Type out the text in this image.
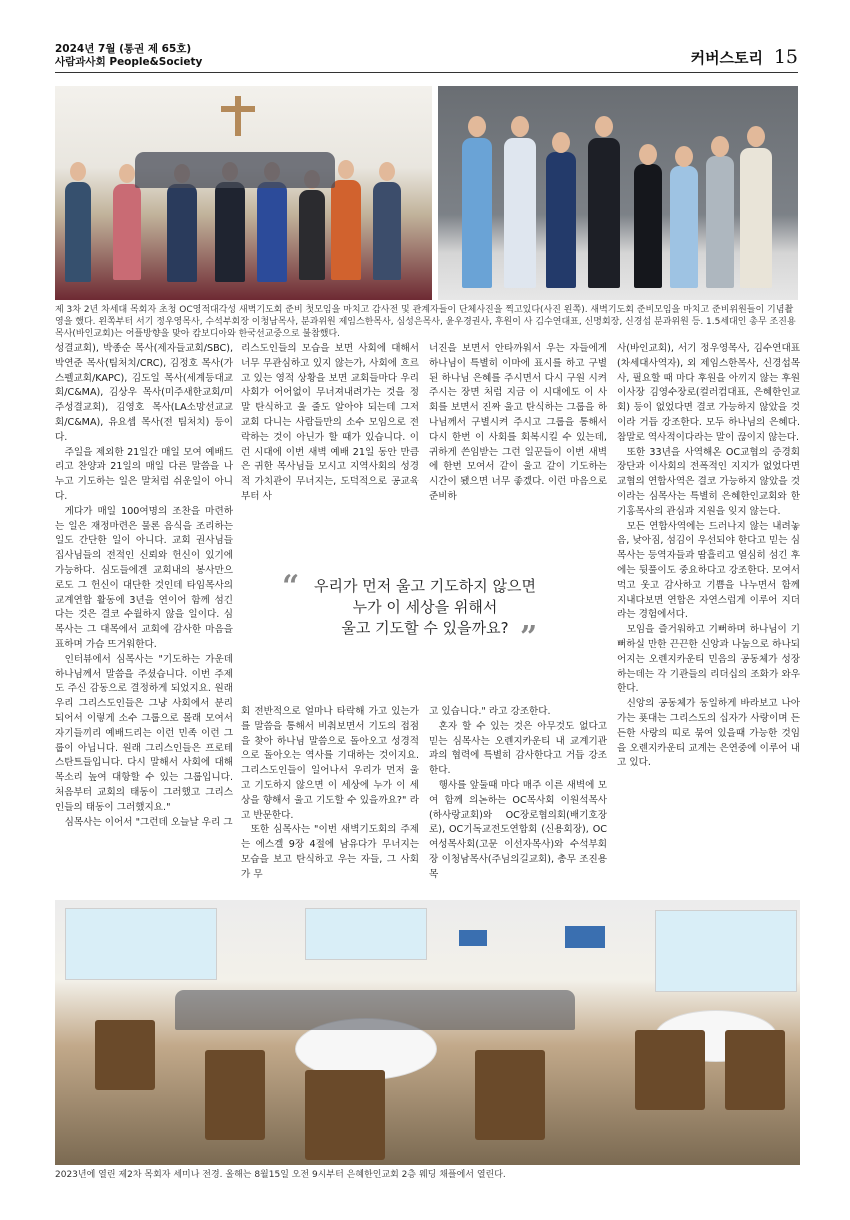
2024년 7월 (통권 제 65호)
사람과사회 People&Society	커버스토리 15
제 3차 2년 차세대 목회자 초청 OC영적대각성 새벽기도회 준비 첫모임을 마치고 감사전 및 관계자들이 단체사진을 찍고있다(사진 왼쪽). 새벽기도회 준비모임을 마치고 준비위원들이 기념촬영을 했다. 왼쪽부터 서기 정우영목사, 수석부회장 이청남목사, 분과위원 제임스한목사, 심성은목사, 윤우경권사, 후원이 사 김수연대표, 신명회장, 신경섭 분과위원 등. 1.5세대인 총무 조진용목사(바인교회)는 어플방향을 맞아 캄보디아와 한국선교중으로 불참했다.

성결교회), 박종순 목사(제자들교회/SBC), 박연준 목사(팀처치/CRC), 김정호 목사(가스펠교회/KAPC), 김도일 목사(세계등대교회/C&MA), 김상우 목사(미주새한교회/미주성결교회), 김영호 목사(LA소망선교교회/C&MA), 유요셉 목사(전 팀처치) 등이다.

주일을 제외한 21일간 매일 모여 예배드리고 찬양과 21일의 매일 다른 말씀을 나누고 기도하는 일은 말처럼 쉬운일이 아니다.

게다가 매일 100여명의 조찬을 마련하는 일은 재정마련은 물론 음식을 조리하는 일도 간단한 일이 아니다. 교회 권사님들 집사님들의 전적인 신뢰와 헌신이 있기에 가능하다. 심도들에겐 교회내의 봉사만으로도 그 헌신이 대단한 것인데 타임목사의 교계연합 활동에 3년을 연이어 함께 섬긴다는 것은 결코 수월하지 않을 일이다. 심목사는 그 대목에서 교회에 감사한 마음을 표하며 가슴 뜨거워한다.

인터뷰에서 심목사는 "기도하는 가운데 하나님께서 말씀을 주셨습니다. 이번 주제도 주신 감동으로 결정하게 되었지요. 원래 우리 그리스도인들은 그냥 사회에서 분리되어서 이렇게 소수 그룹으로 몰래 모여서 자기들끼리 예배드리는 이런 민족 이런 그룹이 아닙니다. 원래 그리스인들은 프로테스탄트들입니다. 다시 말해서 사회에 대해 목소리 높여 대항할 수 있는 그룹입니다. 처음부터 교회의 태동이 그러했고 그리스인들의 태동이 그러했지요."

심목사는 이어서 "그런데 오늘날 우리 그

리스도인들의 모습을 보면 사회에 대해서 너무 무관심하고 있지 않는가, 사회에 흐르고 있는 영적 상황을 보면 교회들마다 우리 사회가 어어없이 무너져내려가는 것을 정말 탄식하고 울 줄도 알아야 되는데 그저 교회 다니는 사람들만의 소수 모임으로 전락하는 것이 아닌가 할 때가 있습니다. 이런 시대에 이번 새벽 예배 21일 동안 만큼은 귀한 목사님들 모시고 지역사회의 성경적 가치관이 무너지는, 도덕적으로 공교육부터 사

너진을 보면서 안타까워서 우는 자들에게 하나님이 특별히 이마에 표시를 하고 구별된 하나님 은혜를 주시면서 다시 구원 시켜 주시는 장면 처럼 지금 이 시대에도 이 사회를 보면서 진짜 울고 탄식하는 그룹을 하나님께서 구별시켜 주시고 그룹을 통해서 다시 한번 이 사회를 회복시킬 수 있는데, 귀하게 쓴임받는 그런 일꾼들이 이번 새벽에 한번 모여서 같이 울고 같이 기도하는 시간이 됐으면 너무 좋겠다. 이런 마음으로 준비하

“ 우리가 먼저 울고 기도하지 않으면
누가 이 세상을 위해서
울고 기도할 수 있을까요? ”

회 전반적으로 얼마나 타락해 가고 있는가를 말씀을 통해서 비춰보면서 기도의 접점을 찾아 하나님 말씀으로 돌아오고 성경적으로 돌아오는 역사를 기대하는 것이지요. 그리스도인들이 일어나서 우리가 먼저 울고 기도하지 않으면 이 세상에 누가 이 세상을 향해서 울고 기도할 수 있을까요?" 라고 반문한다.

또한 심목사는 "이번 새벽기도회의 주제는 에스겔 9장 4절에 남유다가 무너지는 모습을 보고 탄식하고 우는 자들, 그 사회가 무

고 있습니다." 라고 강조한다.

혼자 할 수 있는 것은 아무것도 없다고 믿는 심목사는 오렌지카운티 내 교계기관과의 협력에 특별히 감사한다고 거듭 강조한다.

행사를 앞둘때 마다 매주 이른 새벽에 모여 함께 의논하는 OC목사회 이원석목사(하사랑교회)와 OC장로협의회(배기호장로), OC기독교전도연합회 (신용회장), OC여성목사회(고문 이선자목사)와 수석부회장 이청남목사(주님의길교회), 총무 조진용목

사(바인교회), 서기 정우영목사, 김수연대표 (차세대사역자), 외 제임스한목사, 신경섭목사, 필요할 때 마다 후원을 아끼지 않는 후원이사장 김영수장로(컬러컴대표, 은혜한인교회) 등이 없었다면 결코 가능하지 않았을 것이라 거듭 강조한다. 모두 하나님의 은혜다. 참말로 역사적이다라는 말이 끊이지 않는다.

또한 33년을 사역해온 OC교협의 증경회장단과 이사회의 전폭적인 지지가 없었다면 교협의 연합사역은 결코 가능하지 않았을 것이라는 심목사는 특별히 은혜한인교회와 한기홍목사의 관심과 지원을 잊지 않는다.

모든 연합사역에는 드러나지 않는 내려놓음, 낮아짐, 섬김이 우선되야 한다고 믿는 심목사는 등역자들과 땀흘리고 열심히 섬긴 후에는 뒷풀이도 중요하다고 강조한다. 모여서 먹고 웃고 감사하고 기쁨을 나누면서 함께 지내다보면 연합은 자연스럽게 이루어 지더라는 경험에서다.

모임을 즐거워하고 기뻐하며 하나님이 기뻐하실 만한 끈끈한 신앙과 나눔으로 하나되어지는 오렌지카운티 민음의 공동체가 성장하는데는 각 기관들의 리더십의 조화가 와우한다.

신앙의 공동체가 동일하게 바라보고 나아가는 푯대는 그리스도의 십자가 사랑이며 든든한 사랑의 띠로 묶여 있을때 가능한 것임을 오렌지카운티 교계는 은연중에 이루어 내고 있다.

2023년에 열린 제2차 목회자 세미나 전경. 올해는 8월15일 오전 9시부터 은혜한인교회 2층 웨딩 채플에서 열린다.
